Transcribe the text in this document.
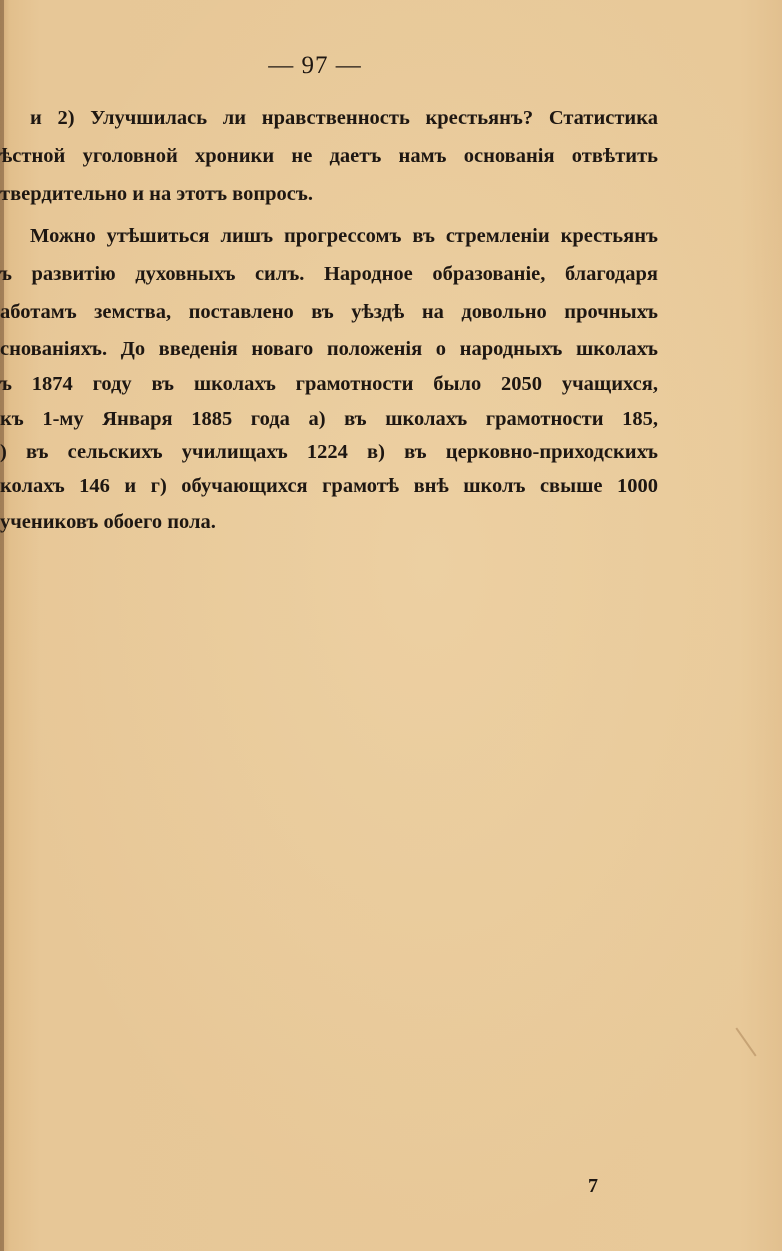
— 97 —
и 2) Улучшилась ли нравственность крестьянъ? Статистика
ѣстной уголовной хроники не даетъ намъ основанія отвѣтить
твердительно и на этотъ вопросъ.
Можно утѣшиться лишъ прогрессомъ въ стремленіи крестьянъ
ъ развитію духовныхъ силъ. Народное образованіе, благодаря
аботамъ земства, поставлено въ уѣздѣ на довольно прочныхъ
снованіяхъ. До введенія новаго положенія о народныхъ школахъ
ъ 1874 году въ школахъ грамотности было 2050 учащихся,
къ 1-му Января 1885 года а) въ школахъ грамотности 185,
) въ сельскихъ училищахъ 1224 в) въ церковно-приходскихъ
колахъ 146 и г) обучающихся грамотѣ внѣ школъ свыше 1000
учениковъ обоего пола.
7
